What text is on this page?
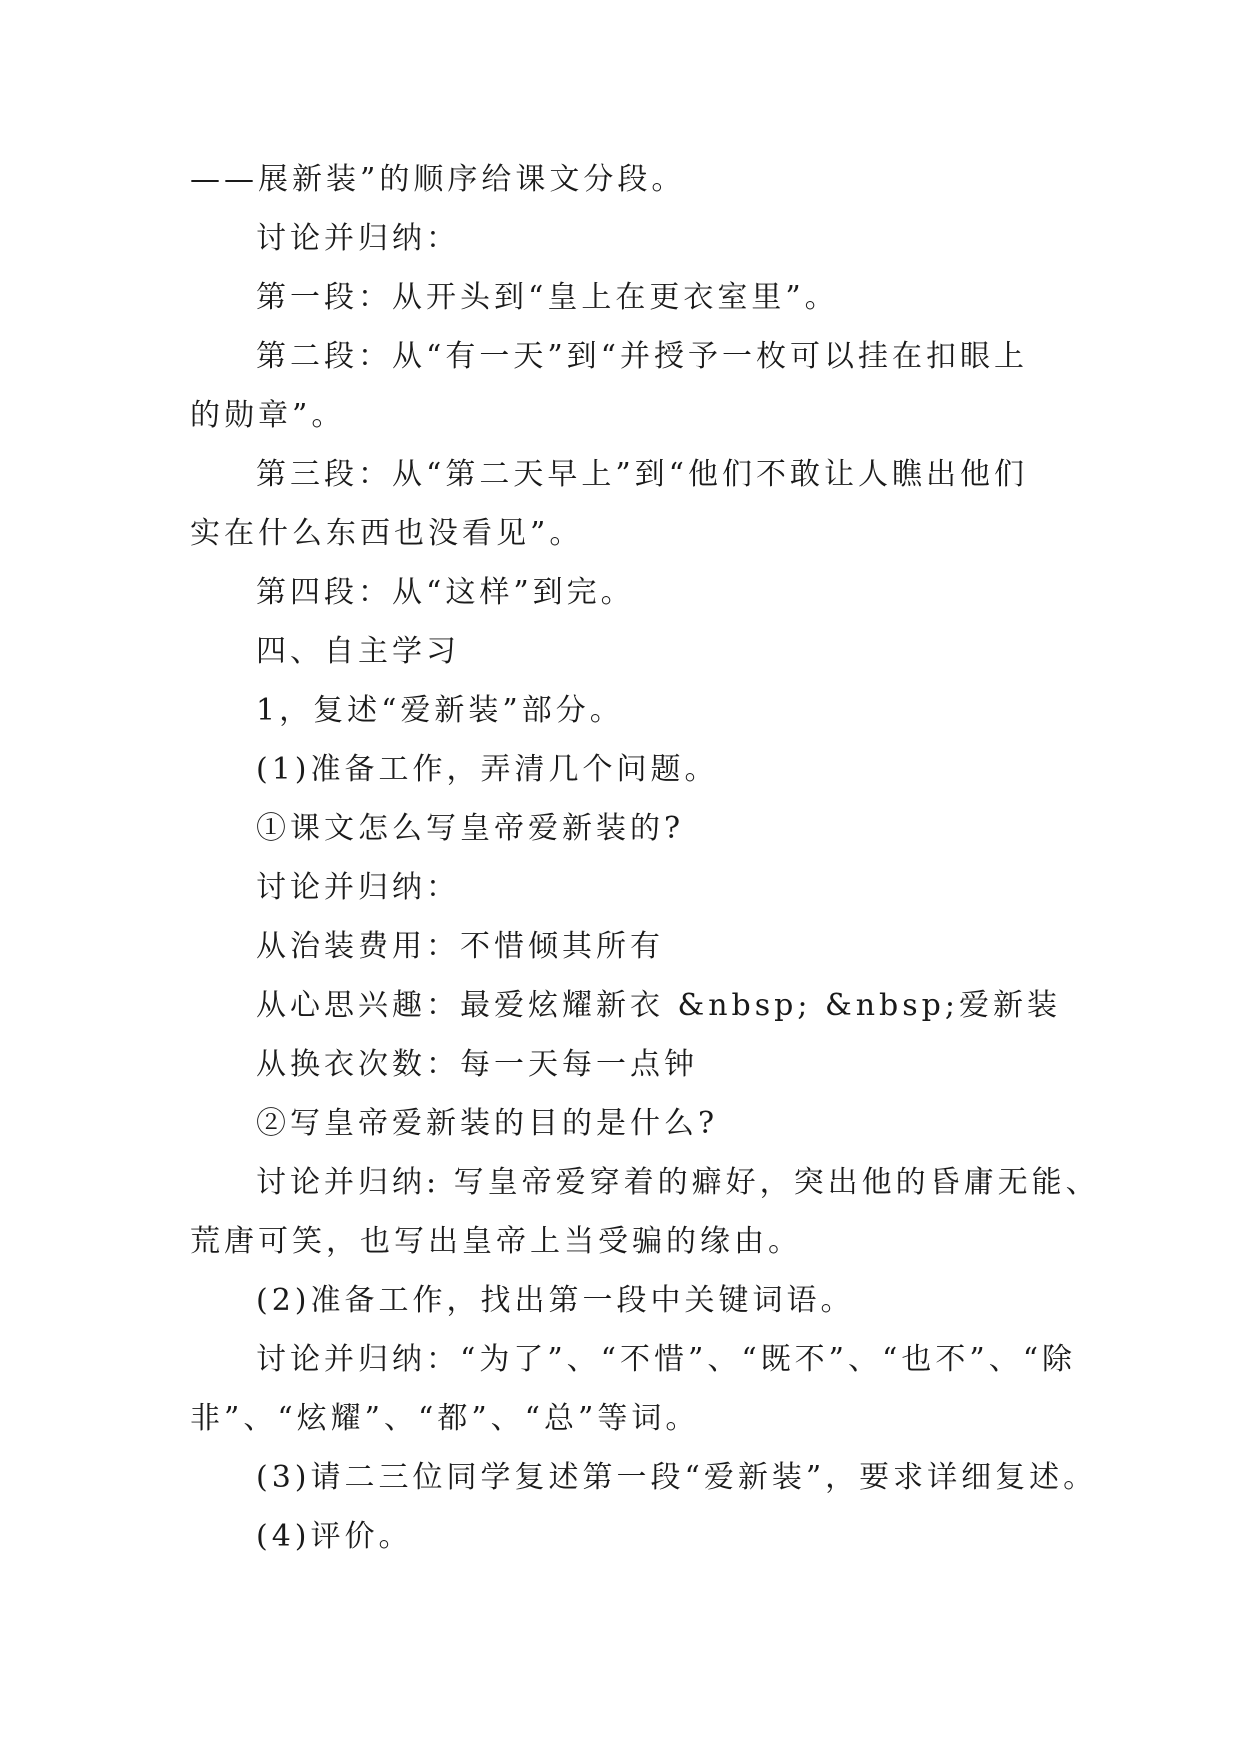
——展新装”的顺序给课文分段。
讨论并归纳：
第一段：从开头到“皇上在更衣室里”。
第二段：从“有一天”到“并授予一枚可以挂在扣眼上
的勋章”。
第三段：从“第二天早上”到“他们不敢让人瞧出他们
实在什么东西也没看见”。
第四段：从“这样”到完。
四、自主学习
1，复述“爱新装”部分。
(1)准备工作，弄清几个问题。
①课文怎么写皇帝爱新装的?
讨论并归纳：
从治装费用：不惜倾其所有
从心思兴趣：最爱炫耀新衣 &nbsp; &nbsp;爱新装
从换衣次数：每一天每一点钟
②写皇帝爱新装的目的是什么?
讨论并归纳: 写皇帝爱穿着的癖好，突出他的昏庸无能、
荒唐可笑，也写出皇帝上当受骗的缘由。
(2)准备工作，找出第一段中关键词语。
讨论并归纳：“为了”、“不惜”、“既不”、“也不”、“除
非”、“炫耀”、“都”、“总”等词。
(3)请二三位同学复述第一段“爱新装”，要求详细复述。
(4)评价。
